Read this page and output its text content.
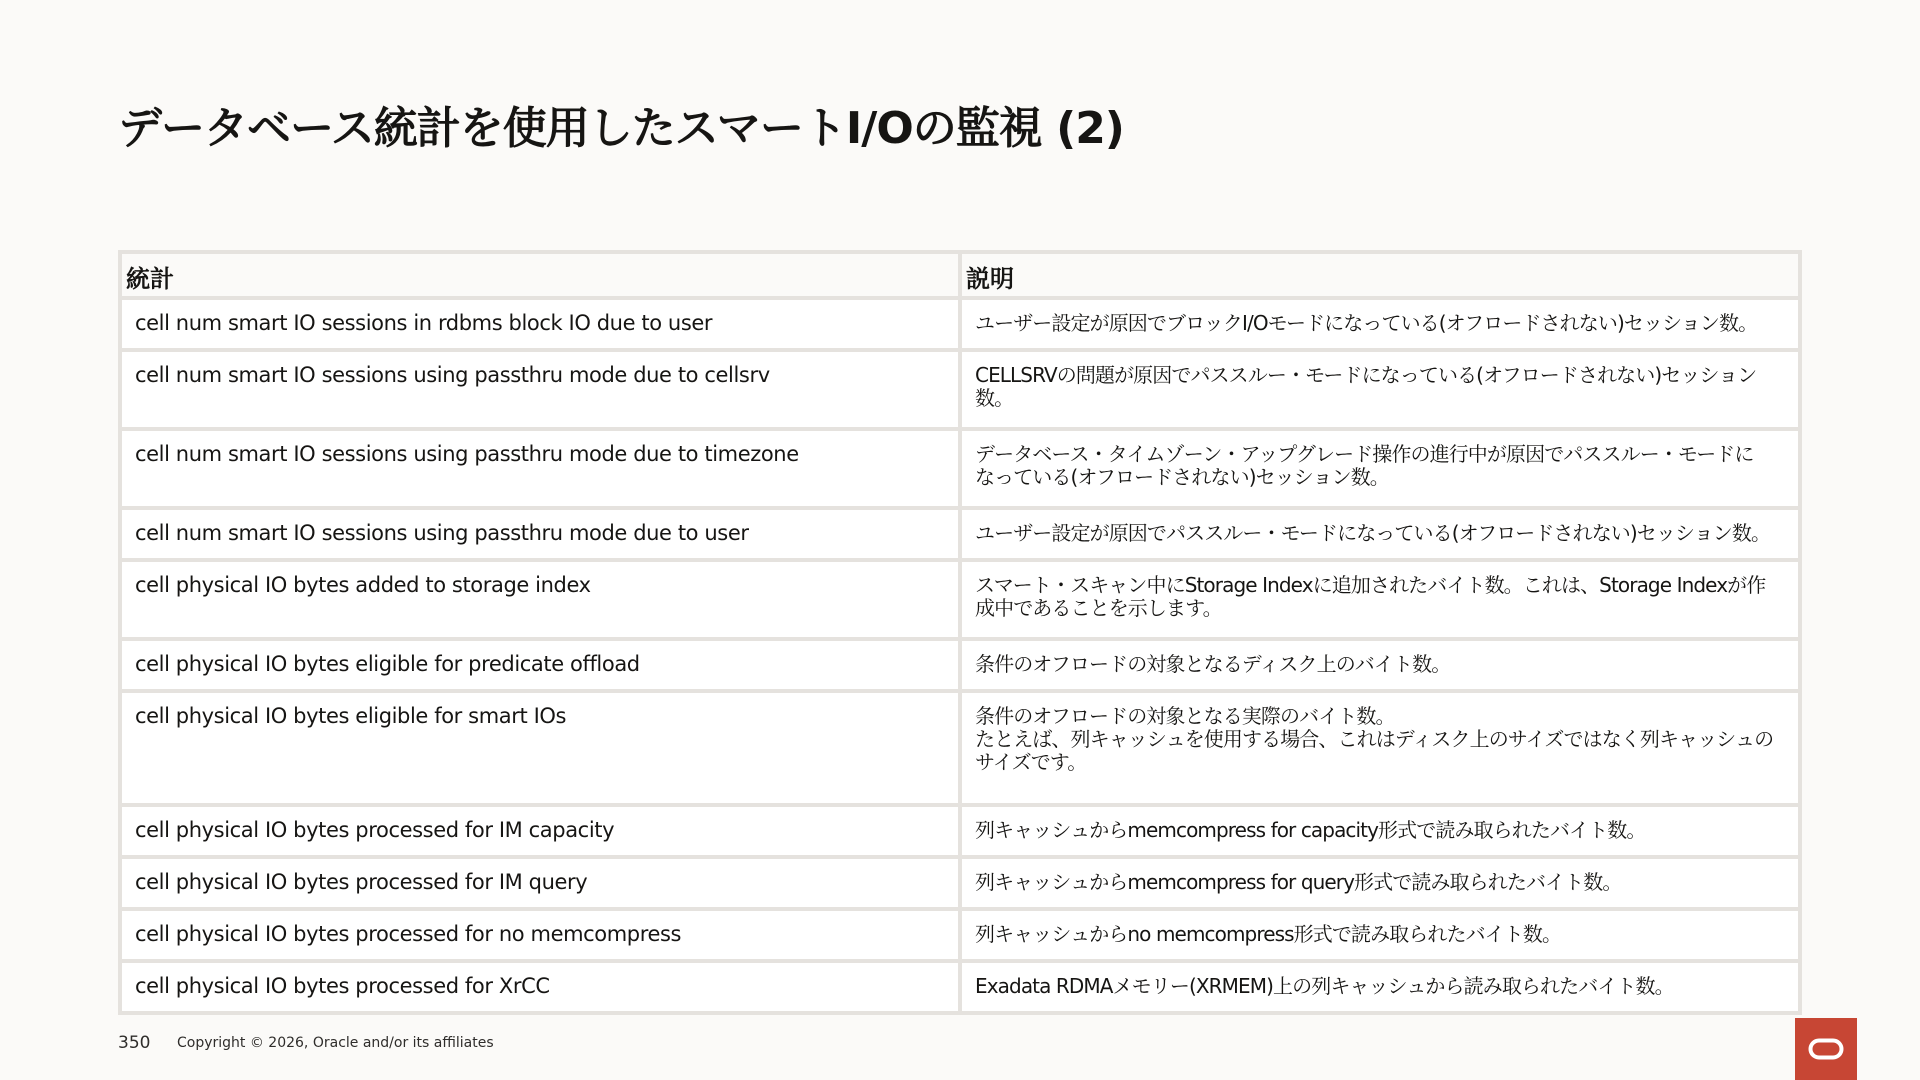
データベース統計を使用したスマートI/Oの監視 (2)
統計	説明
cell num smart IO sessions in rdbms block IO due to user	ユーザー設定が原因でブロックI/Oモードになっている(オフロードされない)セッション数。
cell num smart IO sessions using passthru mode due to cellsrv	CELLSRVの問題が原因でパススルー・モードになっている(オフロードされない)セッション数。
cell num smart IO sessions using passthru mode due to timezone	データベース・タイムゾーン・アップグレード操作の進行中が原因でパススルー・モードに
なっている(オフロードされない)セッション数。
cell num smart IO sessions using passthru mode due to user	ユーザー設定が原因でパススルー・モードになっている(オフロードされない)セッション数。
cell physical IO bytes added to storage index	スマート・スキャン中にStorage Indexに追加されたバイト数。これは、Storage Indexが作
成中であることを示します。
cell physical IO bytes eligible for predicate offload	条件のオフロードの対象となるディスク上のバイト数。
cell physical IO bytes eligible for smart IOs	条件のオフロードの対象となる実際のバイト数。
たとえば、列キャッシュを使用する場合、これはディスク上のサイズではなく列キャッシュの
サイズです。
cell physical IO bytes processed for IM capacity	列キャッシュからmemcompress for capacity形式で読み取られたバイト数。
cell physical IO bytes processed for IM query	列キャッシュからmemcompress for query形式で読み取られたバイト数。
cell physical IO bytes processed for no memcompress	列キャッシュからno memcompress形式で読み取られたバイト数。
cell physical IO bytes processed for XrCC	Exadata RDMAメモリー(XRMEM)上の列キャッシュから読み取られたバイト数。
350 Copyright © 2026, Oracle and/or its affiliates
